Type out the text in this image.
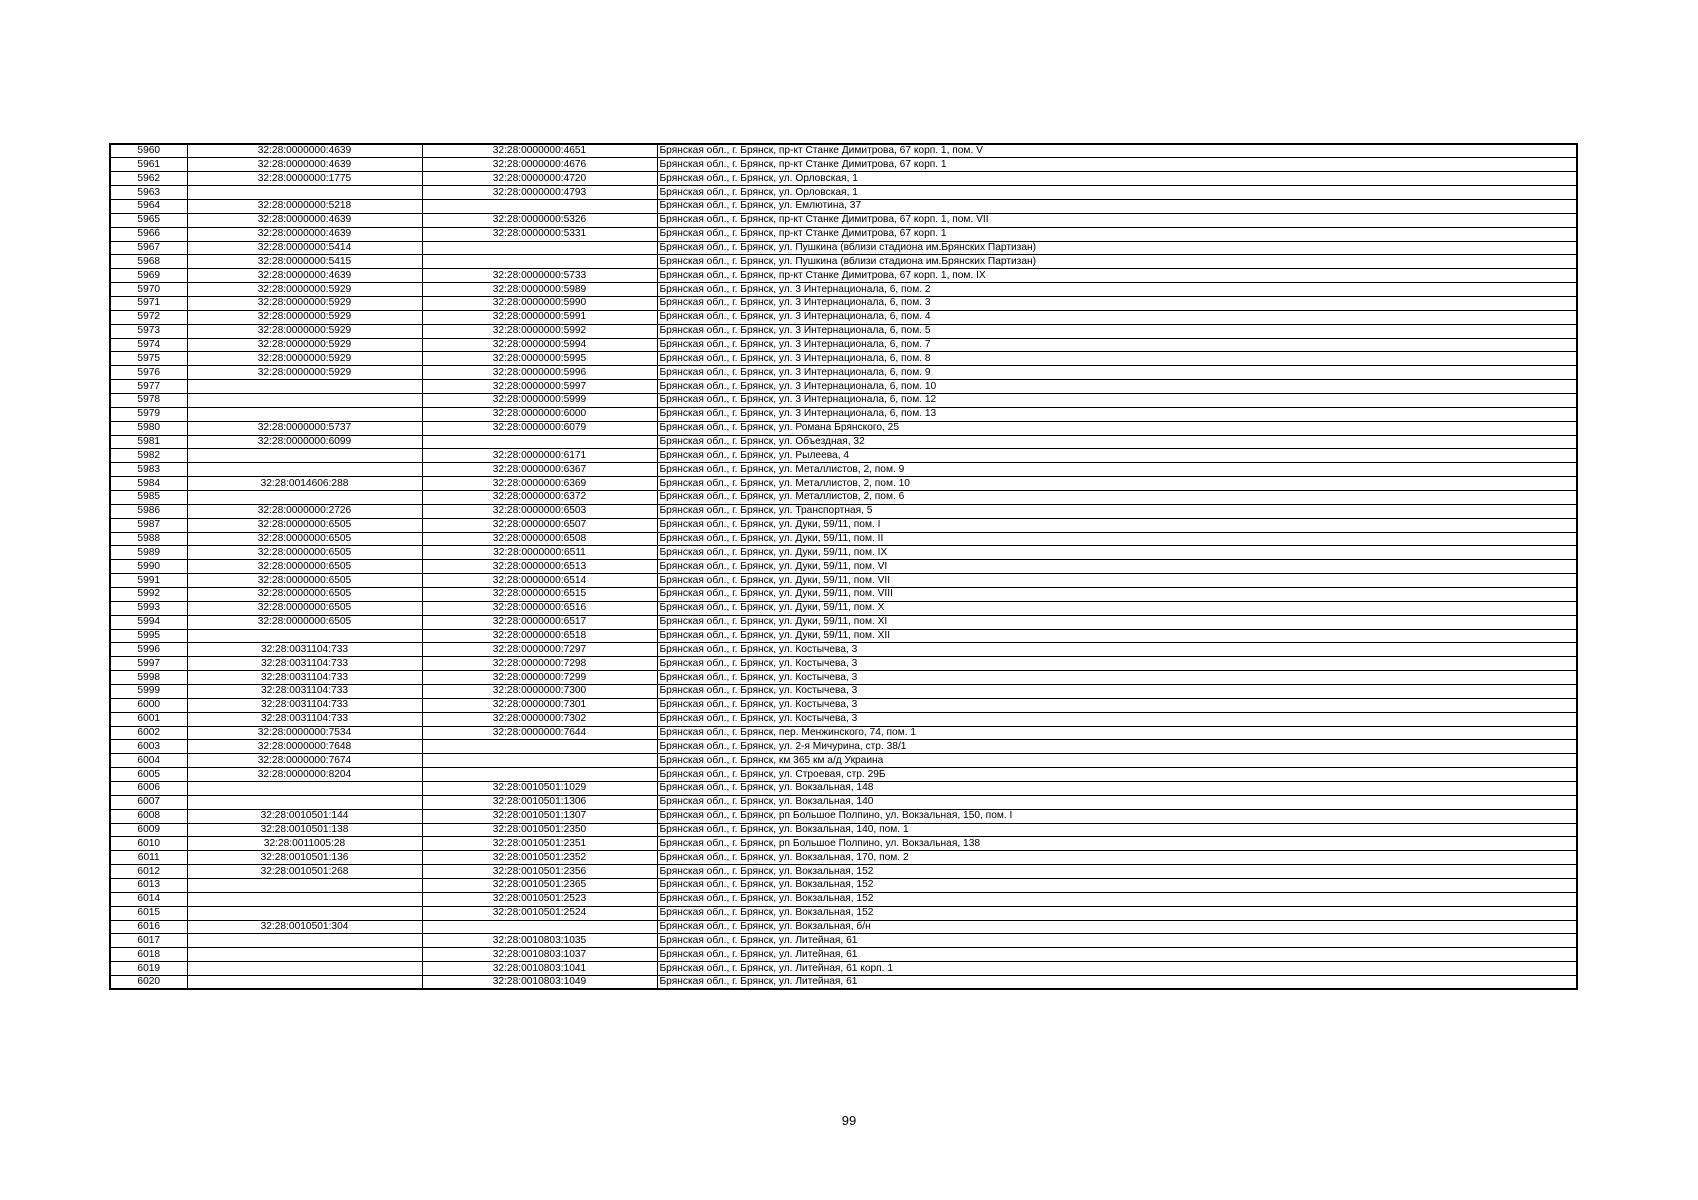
5960	32:28:0000000:4639	32:28:0000000:4651	Брянская обл., г. Брянск, пр-кт Станке Димитрова, 67 корп. 1, пом. V
5961	32:28:0000000:4639	32:28:0000000:4676	Брянская обл., г. Брянск, пр-кт Станке Димитрова, 67 корп. 1
5962	32:28:0000000:1775	32:28:0000000:4720	Брянская обл., г. Брянск, ул. Орловская, 1
5963		32:28:0000000:4793	Брянская обл., г. Брянск, ул. Орловская, 1
5964	32:28:0000000:5218		Брянская обл., г. Брянск, ул. Емлютина, 37
5965	32:28:0000000:4639	32:28:0000000:5326	Брянская обл., г. Брянск, пр-кт Станке Димитрова, 67 корп. 1, пом. VII
5966	32:28:0000000:4639	32:28:0000000:5331	Брянская обл., г. Брянск, пр-кт Станке Димитрова, 67 корп. 1
5967	32:28:0000000:5414		Брянская обл., г. Брянск, ул. Пушкина (вблизи стадиона им.Брянских Партизан)
5968	32:28:0000000:5415		Брянская обл., г. Брянск, ул. Пушкина (вблизи стадиона им.Брянских Партизан)
5969	32:28:0000000:4639	32:28:0000000:5733	Брянская обл., г. Брянск, пр-кт Станке Димитрова, 67 корп. 1, пом. IX
5970	32:28:0000000:5929	32:28:0000000:5989	Брянская обл., г. Брянск, ул. 3 Интернационала, 6, пом. 2
5971	32:28:0000000:5929	32:28:0000000:5990	Брянская обл., г. Брянск, ул. 3 Интернационала, 6, пом. 3
5972	32:28:0000000:5929	32:28:0000000:5991	Брянская обл., г. Брянск, ул. 3 Интернационала, 6, пом. 4
5973	32:28:0000000:5929	32:28:0000000:5992	Брянская обл., г. Брянск, ул. 3 Интернационала, 6, пом. 5
5974	32:28:0000000:5929	32:28:0000000:5994	Брянская обл., г. Брянск, ул. 3 Интернационала, 6, пом. 7
5975	32:28:0000000:5929	32:28:0000000:5995	Брянская обл., г. Брянск, ул. 3 Интернационала, 6, пом. 8
5976	32:28:0000000:5929	32:28:0000000:5996	Брянская обл., г. Брянск, ул. 3 Интернационала, 6, пом. 9
5977		32:28:0000000:5997	Брянская обл., г. Брянск, ул. 3 Интернационала, 6, пом. 10
5978		32:28:0000000:5999	Брянская обл., г. Брянск, ул. 3 Интернационала, 6, пом. 12
5979		32:28:0000000:6000	Брянская обл., г. Брянск, ул. 3 Интернационала, 6, пом. 13
5980	32:28:0000000:5737	32:28:0000000:6079	Брянская обл., г. Брянск, ул. Романа Брянского, 25
5981	32:28:0000000:6099		Брянская обл., г. Брянск, ул. Объездная, 32
5982		32:28:0000000:6171	Брянская обл., г. Брянск, ул. Рылеева, 4
5983		32:28:0000000:6367	Брянская обл., г. Брянск, ул. Металлистов, 2, пом. 9
5984	32:28:0014606:288	32:28:0000000:6369	Брянская обл., г. Брянск, ул. Металлистов, 2, пом. 10
5985		32:28:0000000:6372	Брянская обл., г. Брянск, ул. Металлистов, 2, пом. 6
5986	32:28:0000000:2726	32:28:0000000:6503	Брянская обл., г. Брянск, ул. Транспортная, 5
5987	32:28:0000000:6505	32:28:0000000:6507	Брянская обл., г. Брянск, ул. Дуки, 59/11, пом. I
5988	32:28:0000000:6505	32:28:0000000:6508	Брянская обл., г. Брянск, ул. Дуки, 59/11, пом. II
5989	32:28:0000000:6505	32:28:0000000:6511	Брянская обл., г. Брянск, ул. Дуки, 59/11, пом. IX
5990	32:28:0000000:6505	32:28:0000000:6513	Брянская обл., г. Брянск, ул. Дуки, 59/11, пом. VI
5991	32:28:0000000:6505	32:28:0000000:6514	Брянская обл., г. Брянск, ул. Дуки, 59/11, пом. VII
5992	32:28:0000000:6505	32:28:0000000:6515	Брянская обл., г. Брянск, ул. Дуки, 59/11, пом. VIII
5993	32:28:0000000:6505	32:28:0000000:6516	Брянская обл., г. Брянск, ул. Дуки, 59/11, пом. X
5994	32:28:0000000:6505	32:28:0000000:6517	Брянская обл., г. Брянск, ул. Дуки, 59/11, пом. XI
5995		32:28:0000000:6518	Брянская обл., г. Брянск, ул. Дуки, 59/11, пом. XII
5996	32:28:0031104:733	32:28:0000000:7297	Брянская обл., г. Брянск, ул. Костычева, 3
5997	32:28:0031104:733	32:28:0000000:7298	Брянская обл., г. Брянск, ул. Костычева, 3
5998	32:28:0031104:733	32:28:0000000:7299	Брянская обл., г. Брянск, ул. Костычева, 3
5999	32:28:0031104:733	32:28:0000000:7300	Брянская обл., г. Брянск, ул. Костычева, 3
6000	32:28:0031104:733	32:28:0000000:7301	Брянская обл., г. Брянск, ул. Костычева, 3
6001	32:28:0031104:733	32:28:0000000:7302	Брянская обл., г. Брянск, ул. Костычева, 3
6002	32:28:0000000:7534	32:28:0000000:7644	Брянская обл., г. Брянск, пер. Менжинского, 74, пом. 1
6003	32:28:0000000:7648		Брянская обл., г. Брянск, ул. 2-я Мичурина, стр. 38/1
6004	32:28:0000000:7674		Брянская обл., г. Брянск, км 365 км а/д Украина
6005	32:28:0000000:8204		Брянская обл., г. Брянск, ул. Строевая, стр. 29Б
6006		32:28:0010501:1029	Брянская обл., г. Брянск, ул. Вокзальная, 148
6007		32:28:0010501:1306	Брянская обл., г. Брянск, ул. Вокзальная, 140
6008	32:28:0010501:144	32:28:0010501:1307	Брянская обл., г. Брянск, рп Большое Полпино, ул. Вокзальная, 150, пом. I
6009	32:28:0010501:138	32:28:0010501:2350	Брянская обл., г. Брянск, ул. Вокзальная, 140, пом. 1
6010	32:28:0011005:28	32:28:0010501:2351	Брянская обл., г. Брянск, рп Большое Полпино, ул. Вокзальная, 138
6011	32:28:0010501:136	32:28:0010501:2352	Брянская обл., г. Брянск, ул. Вокзальная, 170, пом. 2
6012	32:28:0010501:268	32:28:0010501:2356	Брянская обл., г. Брянск, ул. Вокзальная, 152
6013		32:28:0010501:2365	Брянская обл., г. Брянск, ул. Вокзальная, 152
6014		32:28:0010501:2523	Брянская обл., г. Брянск, ул. Вокзальная, 152
6015		32:28:0010501:2524	Брянская обл., г. Брянск, ул. Вокзальная, 152
6016	32:28:0010501:304		Брянская обл., г. Брянск, ул. Вокзальная, б/н
6017		32:28:0010803:1035	Брянская обл., г. Брянск, ул. Литейная, 61
6018		32:28:0010803:1037	Брянская обл., г. Брянск, ул. Литейная, 61
6019		32:28:0010803:1041	Брянская обл., г. Брянск, ул. Литейная, 61 корп. 1
6020		32:28:0010803:1049	Брянская обл., г. Брянск, ул. Литейная, 61
99
